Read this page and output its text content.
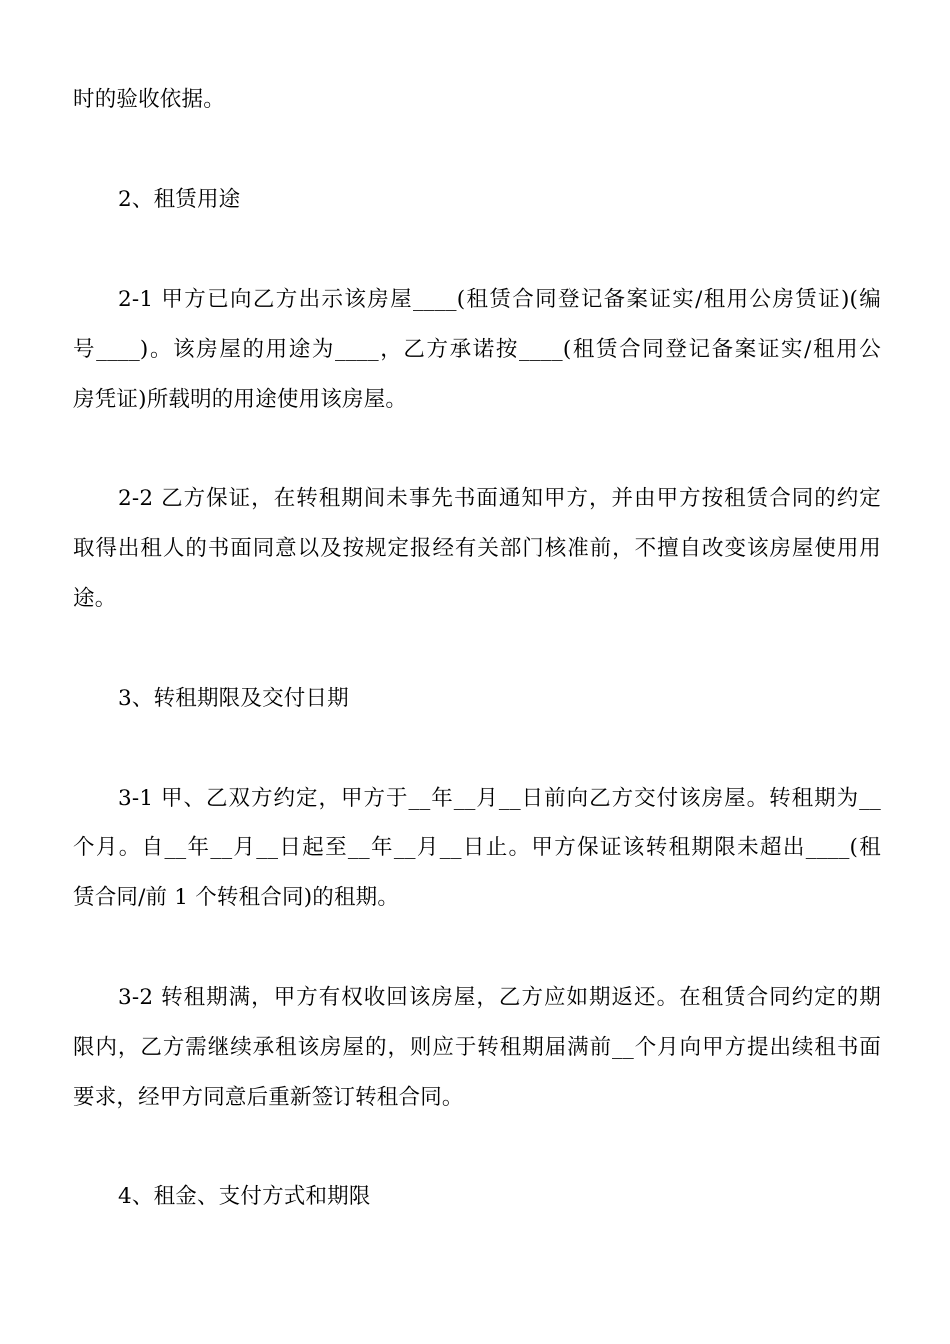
时的验收依据。
2、租赁用途
2-1 甲方已向乙方出示该房屋____(租赁合同登记备案证实/租用公房赁证)(编
号____)。该房屋的用途为____，乙方承诺按____(租赁合同登记备案证实/租用公
房凭证)所载明的用途使用该房屋。
2-2 乙方保证，在转租期间未事先书面通知甲方，并由甲方按租赁合同的约定
取得出租人的书面同意以及按规定报经有关部门核准前，不擅自改变该房屋使用用
途。
3、转租期限及交付日期
3-1 甲、乙双方约定，甲方于__年__月__日前向乙方交付该房屋。转租期为__
个月。自__年__月__日起至__年__月__日止。甲方保证该转租期限未超出____(租
赁合同/前 1 个转租合同)的租期。
3-2 转租期满，甲方有权收回该房屋，乙方应如期返还。在租赁合同约定的期
限内，乙方需继续承租该房屋的，则应于转租期届满前__个月向甲方提出续租书面
要求，经甲方同意后重新签订转租合同。
4、租金、支付方式和期限
